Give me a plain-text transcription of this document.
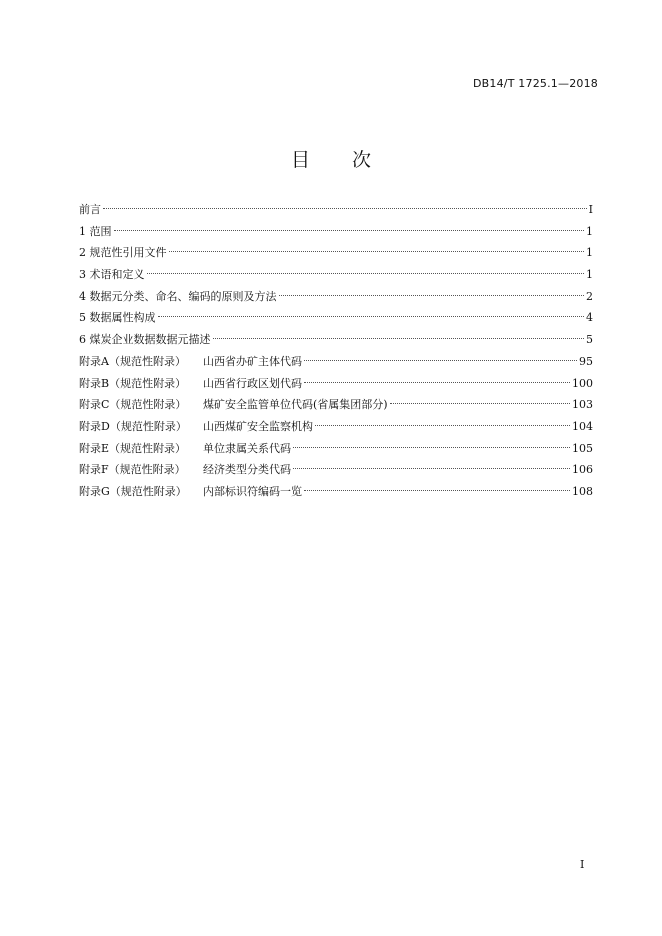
DB14/T 1725.1—2018
目 次
前言	I
1 范围	1
2 规范性引用文件	1
3 术语和定义	1
4 数据元分类、命名、编码的原则及方法	2
5 数据属性构成	4
6 煤炭企业数据数据元描述	5
附录A（规范性附录）	山西省办矿主体代码	95
附录B（规范性附录）	山西省行政区划代码	100
附录C（规范性附录）	煤矿安全监管单位代码(省属集团部分)	103
附录D（规范性附录）	山西煤矿安全监察机构	104
附录E（规范性附录）	单位隶属关系代码	105
附录F（规范性附录）	经济类型分类代码	106
附录G（规范性附录）	内部标识符编码一览	108
I
